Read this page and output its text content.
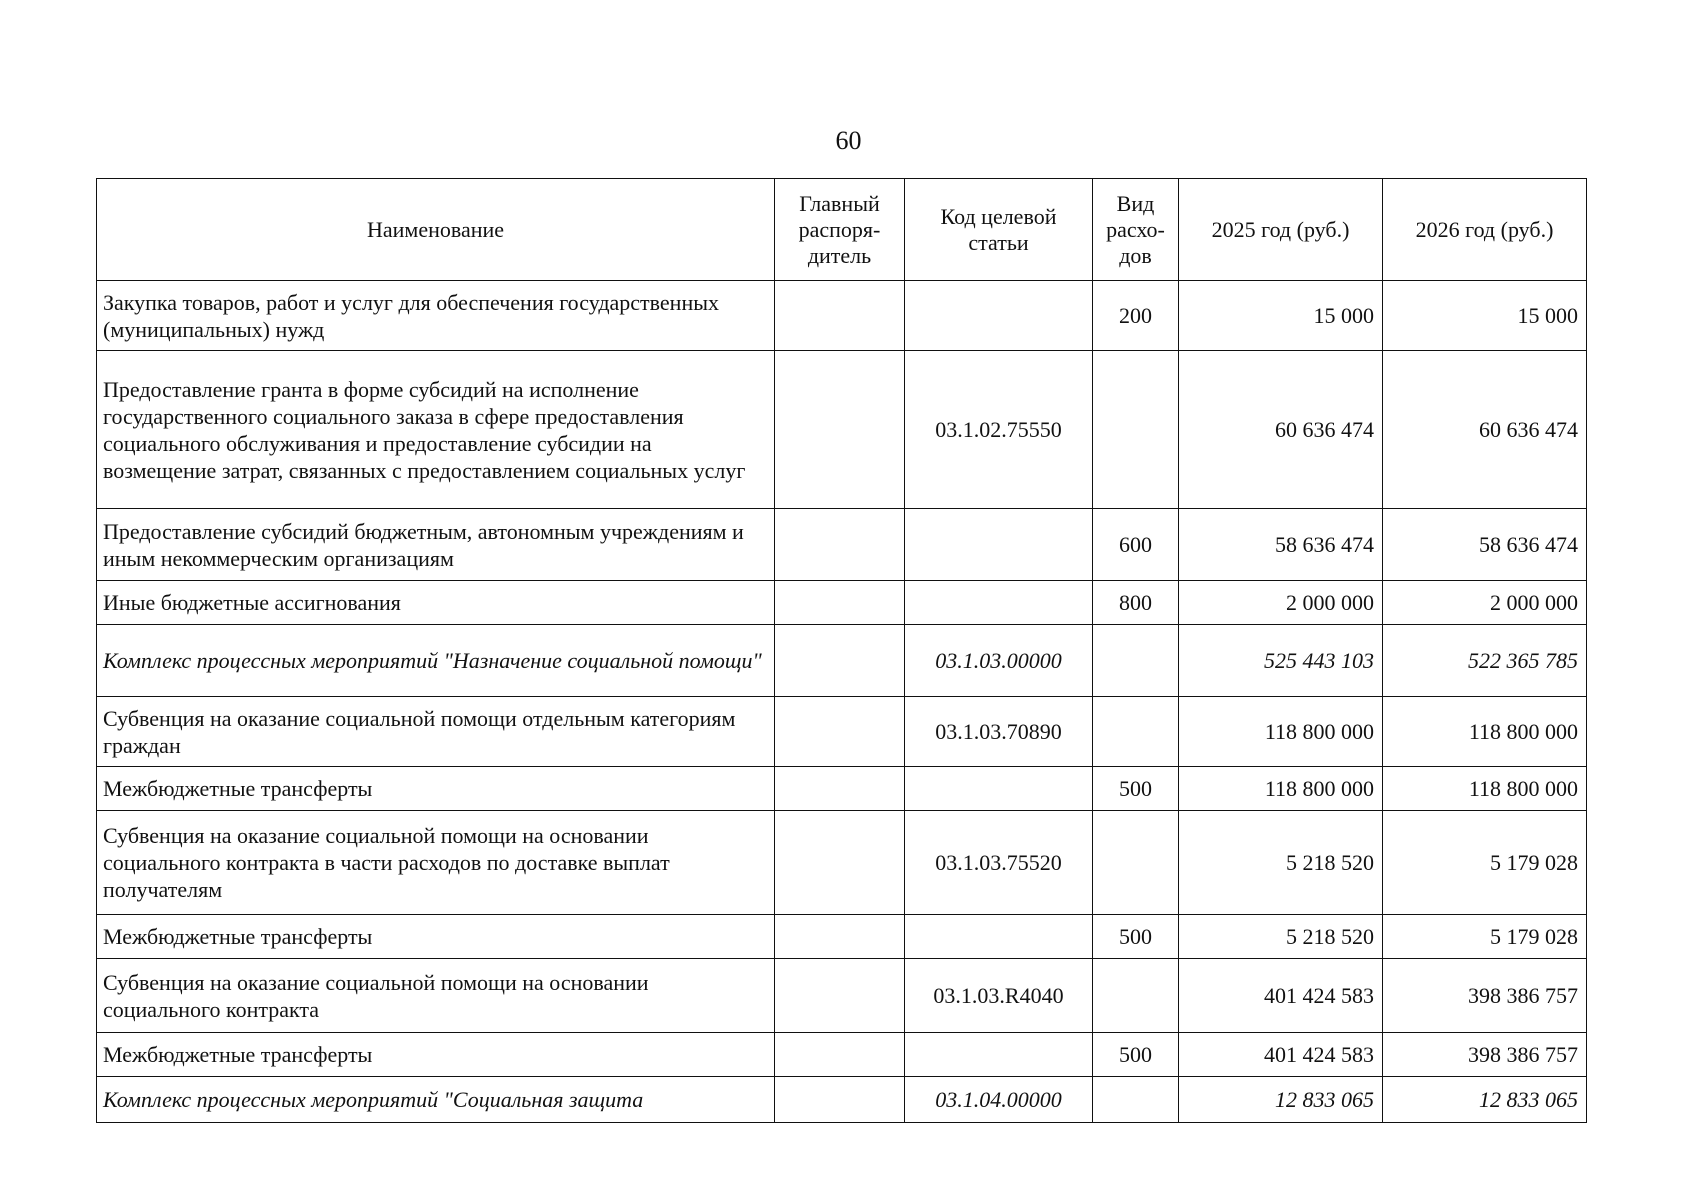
60
Наименование	Главный распоря-дитель	Код целевой статьи	Вид расхо-дов	2025 год (руб.)	2026 год (руб.)
Закупка товаров, работ и услуг для обеспечения государственных (муниципальных) нужд			200	15 000	15 000
Предоставление гранта в форме субсидий на исполнение государственного социального заказа в сфере предоставления социального обслуживания и предоставление субсидии на возмещение затрат, связанных с предоставлением социальных услуг		03.1.02.75550		60 636 474	60 636 474
Предоставление субсидий бюджетным, автономным учреждениям и иным некоммерческим организациям			600	58 636 474	58 636 474
Иные бюджетные ассигнования			800	2 000 000	2 000 000
Комплекс процессных мероприятий "Назначение социальной помощи"		03.1.03.00000		525 443 103	522 365 785
Субвенция на оказание социальной помощи отдельным категориям граждан		03.1.03.70890		118 800 000	118 800 000
Межбюджетные трансферты			500	118 800 000	118 800 000
Субвенция на оказание социальной помощи на основании социального контракта в части расходов по доставке выплат получателям		03.1.03.75520		5 218 520	5 179 028
Межбюджетные трансферты			500	5 218 520	5 179 028
Субвенция на оказание социальной помощи на основании социального контракта		03.1.03.R4040		401 424 583	398 386 757
Межбюджетные трансферты			500	401 424 583	398 386 757
Комплекс процессных мероприятий "Социальная защита		03.1.04.00000		12 833 065	12 833 065
